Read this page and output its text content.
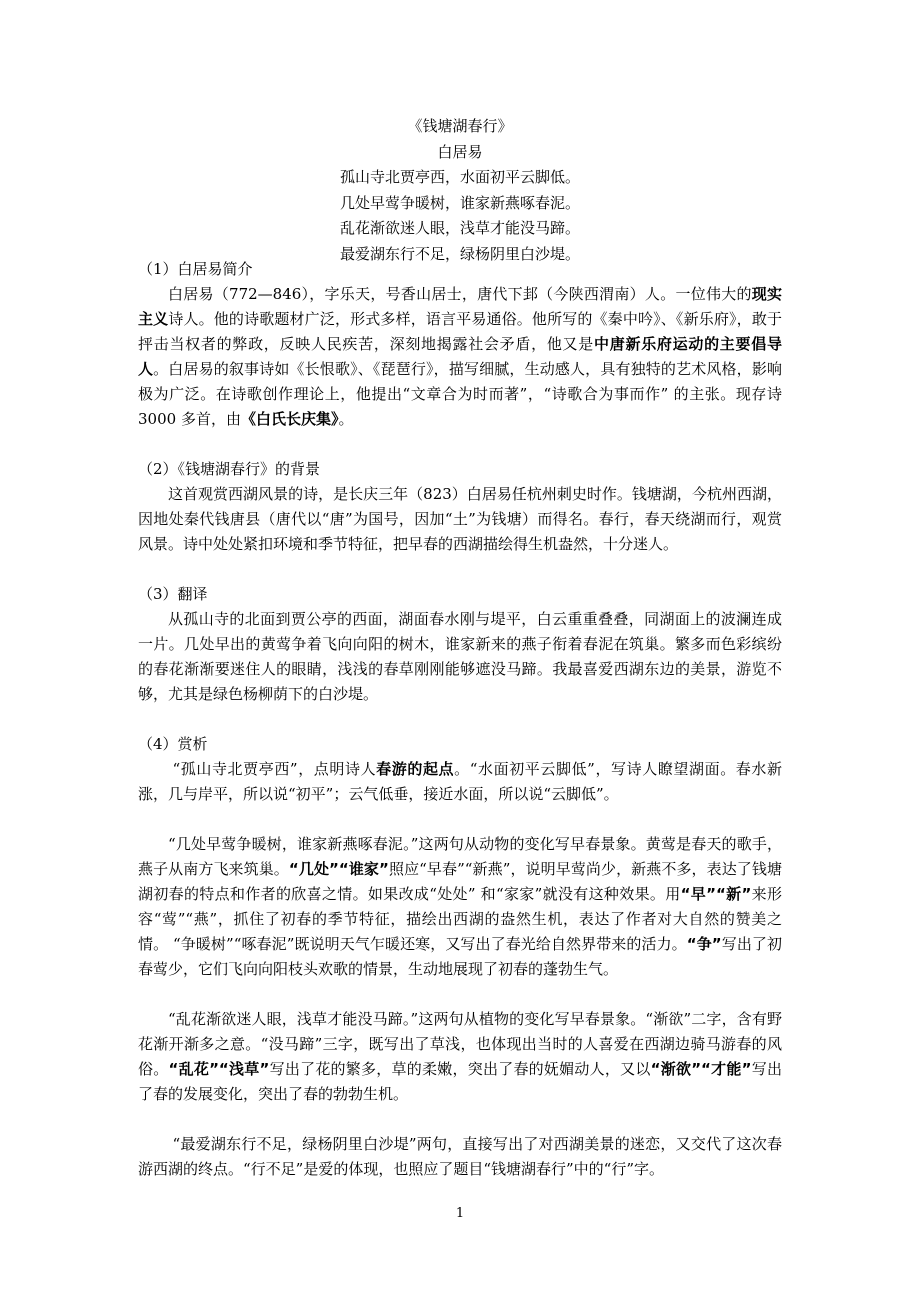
《钱塘湖春行》
白居易
孤山寺北贾亭西，水面初平云脚低。
几处早莺争暖树，谁家新燕啄春泥。
乱花渐欲迷人眼，浅草才能没马蹄。
最爱湖东行不足，绿杨阴里白沙堤。
（1）白居易简介

白居易（772—846），字乐天，号香山居士，唐代下邽（今陕西渭南）人。一位伟大的现实主义诗人。他的诗歌题材广泛，形式多样，语言平易通俗。他所写的《秦中吟》、《新乐府》，敢于抨击当权者的弊政，反映人民疾苦，深刻地揭露社会矛盾，他又是中唐新乐府运动的主要倡导人。白居易的叙事诗如《长恨歌》、《琵琶行》，描写细腻，生动感人，具有独特的艺术风格，影响极为广泛。在诗歌创作理论上，他提出“文章合为时而著”，“诗歌合为事而作” 的主张。现存诗 3000 多首，由《白氏长庆集》。

（2）《钱塘湖春行》的背景

这首观赏西湖风景的诗，是长庆三年（823）白居易任杭州刺史时作。钱塘湖，今杭州西湖，因地处秦代钱唐县（唐代以“唐”为国号，因加“土”为钱塘）而得名。春行，春天绕湖而行，观赏风景。诗中处处紧扣环境和季节特征，把早春的西湖描绘得生机盎然，十分迷人。

（3）翻译

从孤山寺的北面到贾公亭的西面，湖面春水刚与堤平，白云重重叠叠，同湖面上的波澜连成一片。几处早出的黄莺争着飞向向阳的树木，谁家新来的燕子衔着春泥在筑巢。繁多而色彩缤纷的春花渐渐要迷住人的眼睛，浅浅的春草刚刚能够遮没马蹄。我最喜爱西湖东边的美景，游览不够，尤其是绿色杨柳荫下的白沙堤。

（4）赏析

“孤山寺北贾亭西”，点明诗人春游的起点。“水面初平云脚低”，写诗人瞭望湖面。春水新涨，几与岸平，所以说“初平”；云气低垂，接近水面，所以说“云脚低”。

“几处早莺争暖树，谁家新燕啄春泥。”这两句从动物的变化写早春景象。黄莺是春天的歌手，燕子从南方飞来筑巢。“几处”“谁家”照应“早春”“新燕”，说明早莺尚少，新燕不多，表达了钱塘湖初春的特点和作者的欣喜之情。如果改成“处处” 和“家家”就没有这种效果。用“早”“新”来形容“莺”“燕”，抓住了初春的季节特征，描绘出西湖的盎然生机，表达了作者对大自然的赞美之情。 “争暖树”“啄春泥”既说明天气乍暖还寒，又写出了春光给自然界带来的活力。“争”写出了初春莺少，它们飞向向阳枝头欢歌的情景，生动地展现了初春的蓬勃生气。

“乱花渐欲迷人眼，浅草才能没马蹄。”这两句从植物的变化写早春景象。“渐欲”二字，含有野花渐开渐多之意。“没马蹄”三字，既写出了草浅，也体现出当时的人喜爱在西湖边骑马游春的风俗。“乱花”“浅草”写出了花的繁多，草的柔嫩，突出了春的妩媚动人，又以“渐欲”“才能”写出了春的发展变化，突出了春的勃勃生机。

“最爱湖东行不足，绿杨阴里白沙堤”两句，直接写出了对西湖美景的迷恋，又交代了这次春游西湖的终点。“行不足”是爱的体现，也照应了题目“钱塘湖春行”中的“行”字。

1
